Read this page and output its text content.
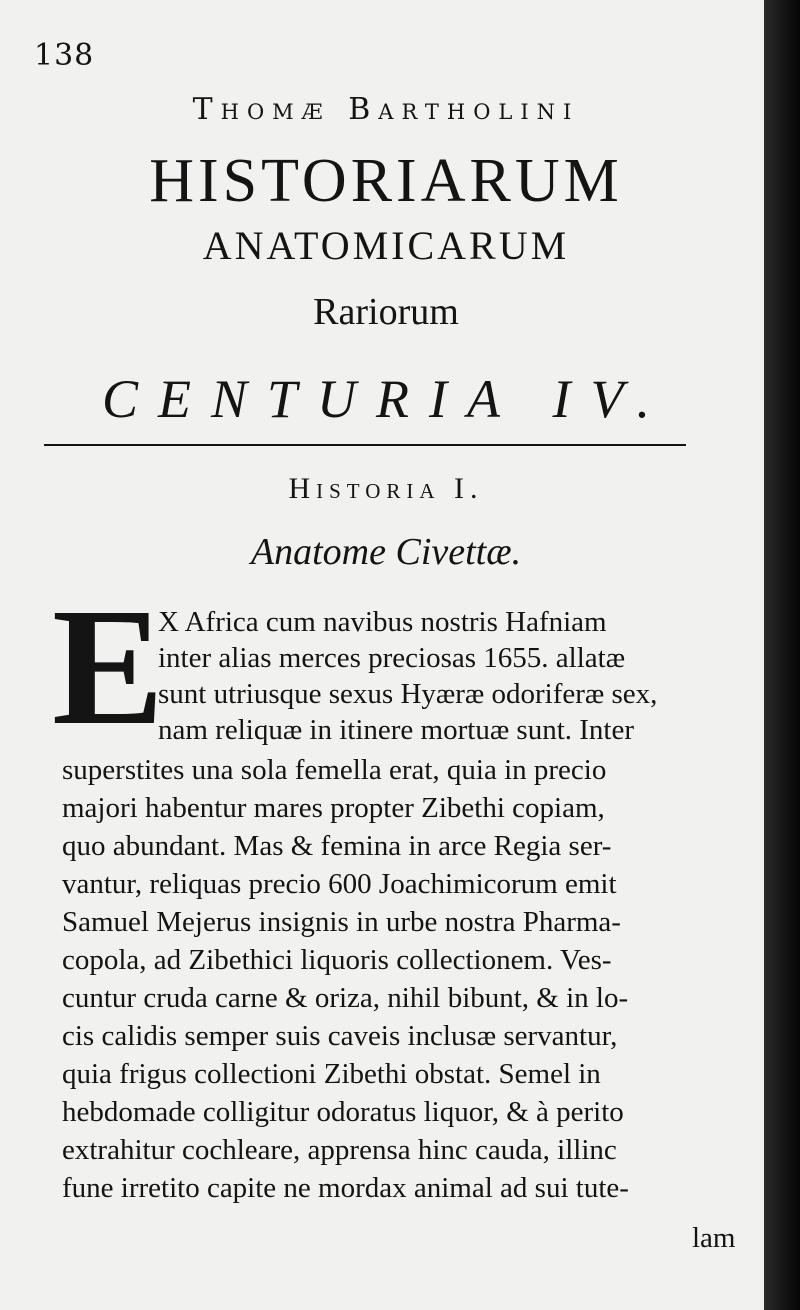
138
Thomæ Bartholini
HISTORIARUM
ANATOMICARUM
Rariorum
CENTURIA IV.
Historia I.
Anatome Civettæ.
E
X Africa cum navibus nostris Hafniam
inter alias merces preciosas 1655. allatæ
sunt utriusque sexus Hyæræ odoriferæ sex,
nam reliquæ in itinere mortuæ sunt. Inter
superstites una sola femella erat, quia in precio
majori habentur mares propter Zibethi copiam,
quo abundant. Mas & femina in arce Regia ser-
vantur, reliquas precio 600 Joachimicorum emit
Samuel Mejerus insignis in urbe nostra Pharma-
copola, ad Zibethici liquoris collectionem. Ves-
cuntur cruda carne & oriza, nihil bibunt, & in lo-
cis calidis semper suis caveis inclusæ servantur,
quia frigus collectioni Zibethi obstat. Semel in
hebdomade colligitur odoratus liquor, & à perito
extrahitur cochleare, apprensa hinc cauda, illinc
fune irretito capite ne mordax animal ad sui tute-
lam
